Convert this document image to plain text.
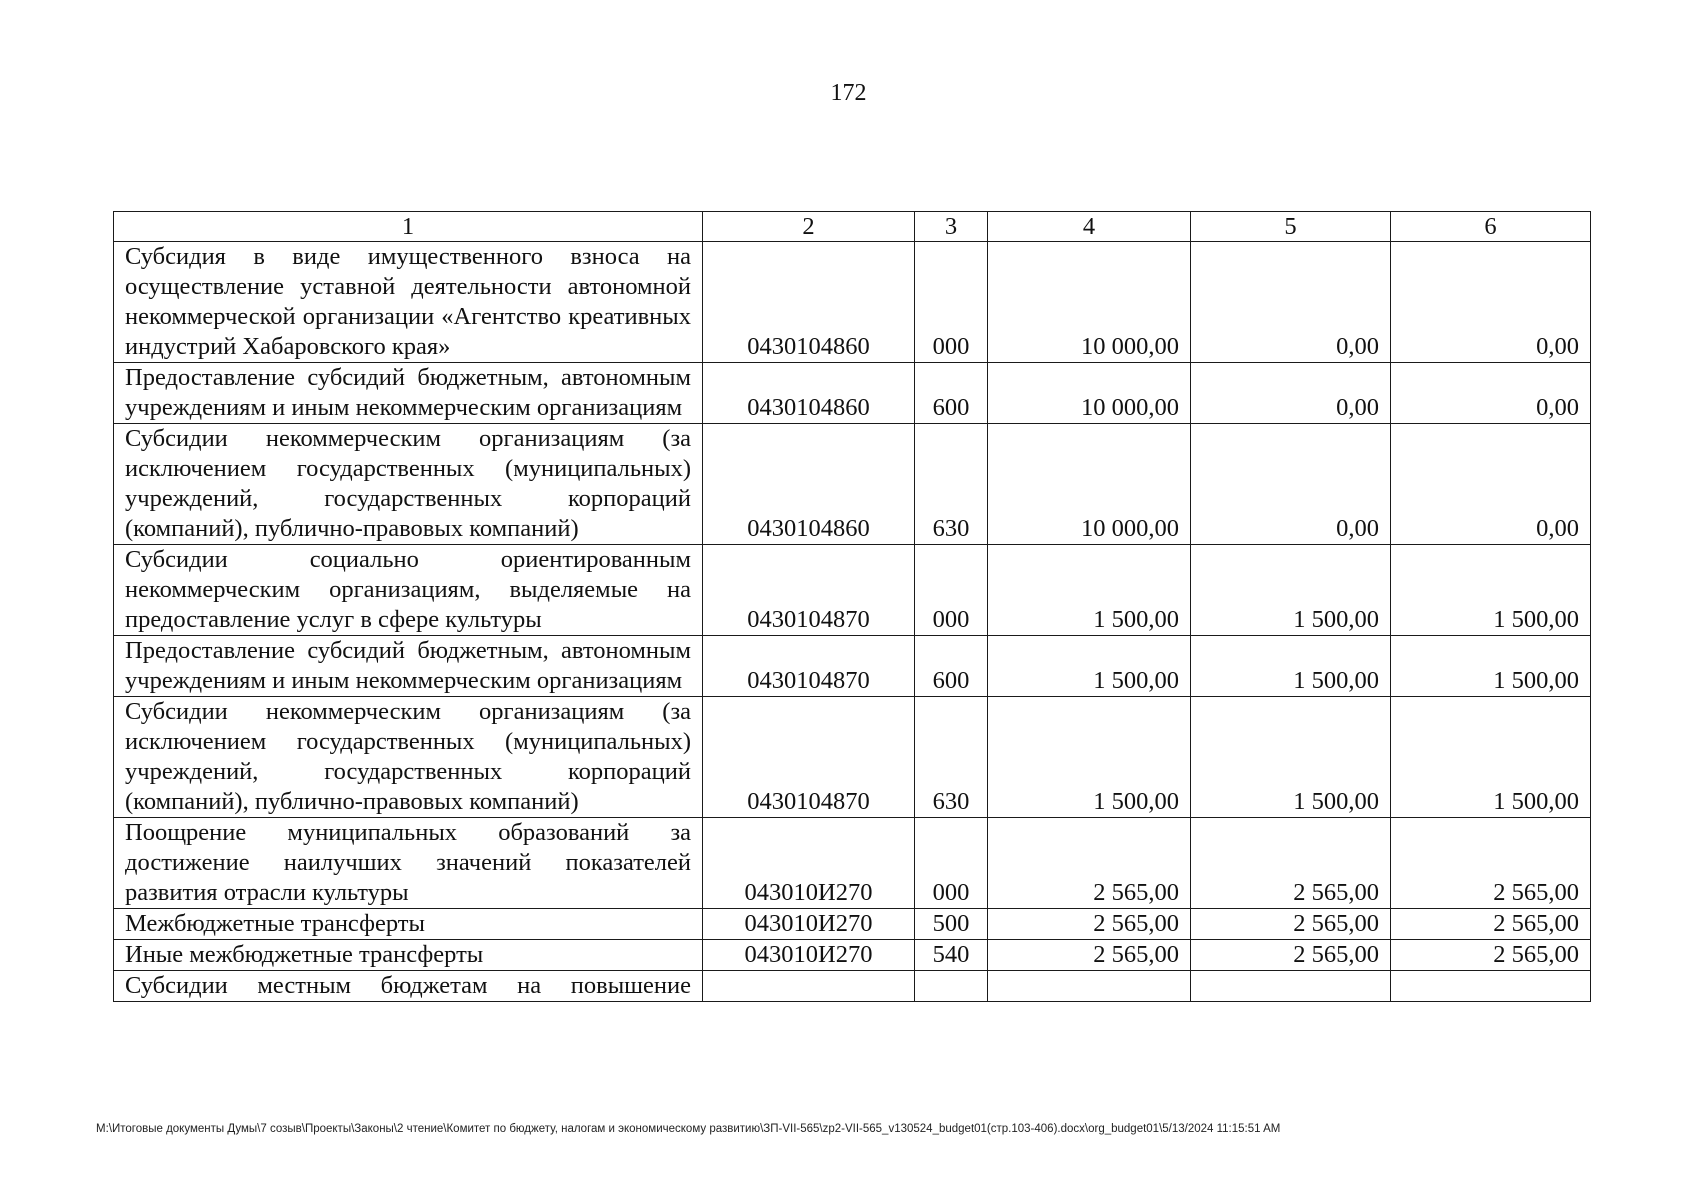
172
1	2	3	4	5	6
Субсидия в виде имущественного взноса на осуществление уставной деятельности автономной некоммерческой организации «Агентство креативных индустрий Хабаровского края»	0430104860	000	10 000,00	0,00	0,00
Предоставление субсидий бюджетным, автономным учреждениям и иным некоммерческим организациям	0430104860	600	10 000,00	0,00	0,00
Субсидии некоммерческим организациям (за исключением государственных (муниципальных) учреждений, государственных корпораций (компаний), публично-правовых компаний)	0430104860	630	10 000,00	0,00	0,00
Субсидии социально ориентированным некоммерческим организациям, выделяемые на предоставление услуг в сфере культуры	0430104870	000	1 500,00	1 500,00	1 500,00
Предоставление субсидий бюджетным, автономным учреждениям и иным некоммерческим организациям	0430104870	600	1 500,00	1 500,00	1 500,00
Субсидии некоммерческим организациям (за исключением государственных (муниципальных) учреждений, государственных корпораций (компаний), публично-правовых компаний)	0430104870	630	1 500,00	1 500,00	1 500,00
Поощрение муниципальных образований за достижение наилучших значений показателей развития отрасли культуры	043010И270	000	2 565,00	2 565,00	2 565,00
Межбюджетные трансферты	043010И270	500	2 565,00	2 565,00	2 565,00
Иные межбюджетные трансферты	043010И270	540	2 565,00	2 565,00	2 565,00
Субсидии местным бюджетам на повышение					
M:\Итоговые документы Думы\7 созыв\Проекты\Законы\2 чтение\Комитет по бюджету, налогам и экономическому развитию\ЗП-VII-565\zp2-VII-565_v130524_budget01(стр.103-406).docx\org_budget01\5/13/2024 11:15:51 AM
